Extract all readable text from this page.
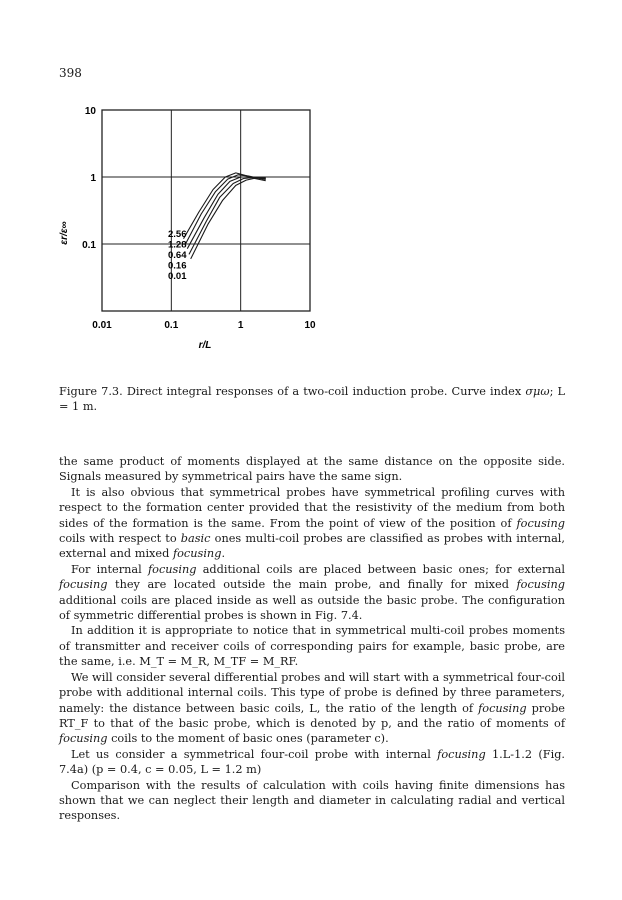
398
0.01	0.1	1	10
10
1
0.1
2.56
1.28
0.64
0.16
0.01
r/L
εr/ε∞
Figure 7.3. Direct integral responses of a two-coil induction probe. Curve index σμω; L = 1 m.

the same product of moments displayed at the same distance on the opposite side. Signals measured by symmetrical pairs have the same sign.

It is also obvious that symmetrical probes have symmetrical profiling curves with respect to the formation center provided that the resistivity of the medium from both sides of the formation is the same. From the point of view of the position of focusing coils with respect to basic ones multi-coil probes are classified as probes with internal, external and mixed focusing.

For internal focusing additional coils are placed between basic ones; for external focusing they are located outside the main probe, and finally for mixed focusing additional coils are placed inside as well as outside the basic probe. The configuration of symmetric differential probes is shown in Fig. 7.4.

In addition it is appropriate to notice that in symmetrical multi-coil probes moments of transmitter and receiver coils of corresponding pairs for example, basic probe, are the same, i.e. M_T = M_R, M_TF = M_RF.

We will consider several differential probes and will start with a symmetrical four-coil probe with additional internal coils. This type of probe is defined by three parameters, namely: the distance between basic coils, L, the ratio of the length of focusing probe RT_F to that of the basic probe, which is denoted by p, and the ratio of moments of focusing coils to the moment of basic ones (parameter c).

Let us consider a symmetrical four-coil probe with internal focusing 1.L-1.2 (Fig. 7.4a) (p = 0.4, c = 0.05, L = 1.2 m)

Comparison with the results of calculation with coils having finite dimensions has shown that we can neglect their length and diameter in calculating radial and vertical responses.
